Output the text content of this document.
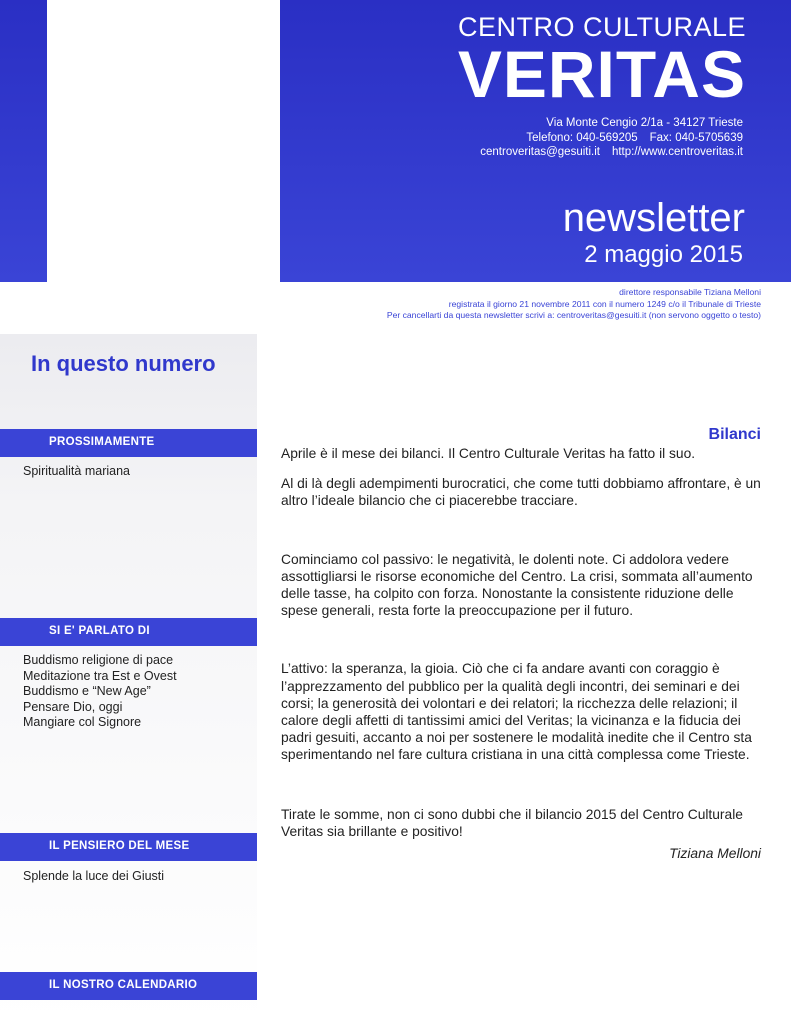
CENTRO CULTURALE
VERITAS
Via Monte Cengio 2/1a - 34127 Trieste
Telefono: 040-569205 Fax: 040-5705639
centroveritas@gesuiti.it http://www.centroveritas.it
newsletter
2 maggio 2015
direttore responsabile Tiziana Melloni
registrata il giorno 21 novembre 2011 con il numero 1249 c/o il Tribunale di Trieste
Per cancellarti da questa newsletter scrivi a: centroveritas@gesuiti.it (non servono oggetto o testo)
In questo numero
PROSSIMAMENTE
Spiritualità mariana
SI E' PARLATO DI
Buddismo religione di pace
Meditazione tra Est e Ovest
Buddismo e “New Age”
Pensare Dio, oggi
Mangiare col Signore
IL PENSIERO DEL MESE
Splende la luce dei Giusti
IL NOSTRO CALENDARIO
Bilanci

Aprile è il mese dei bilanci. Il Centro Culturale Veritas ha fatto il suo.

Al di là degli adempimenti burocratici, che come tutti dobbiamo affrontare, è un altro l’ideale bilancio che ci piacerebbe tracciare.

Cominciamo col passivo: le negatività, le dolenti note. Ci addolora vedere assottigliarsi le risorse economiche del Centro. La crisi, sommata all’aumento delle tasse, ha colpito con forza. Nonostante la consistente riduzione delle spese generali, resta forte la preoccupazione per il futuro.

L’attivo: la speranza, la gioia. Ciò che ci fa andare avanti con coraggio è l’apprezzamento del pubblico per la qualità degli incontri, dei seminari e dei corsi; la generosità dei volontari e dei relatori; la ricchezza delle relazioni; il calore degli affetti di tantissimi amici del Veritas; la vicinanza e la fiducia dei padri gesuiti, accanto a noi per sostenere le modalità inedite che il Centro sta sperimentando nel fare cultura cristiana in una città complessa come Trieste.

Tirate le somme, non ci sono dubbi che il bilancio 2015 del Centro Culturale Veritas sia brillante e positivo!

Tiziana Melloni
